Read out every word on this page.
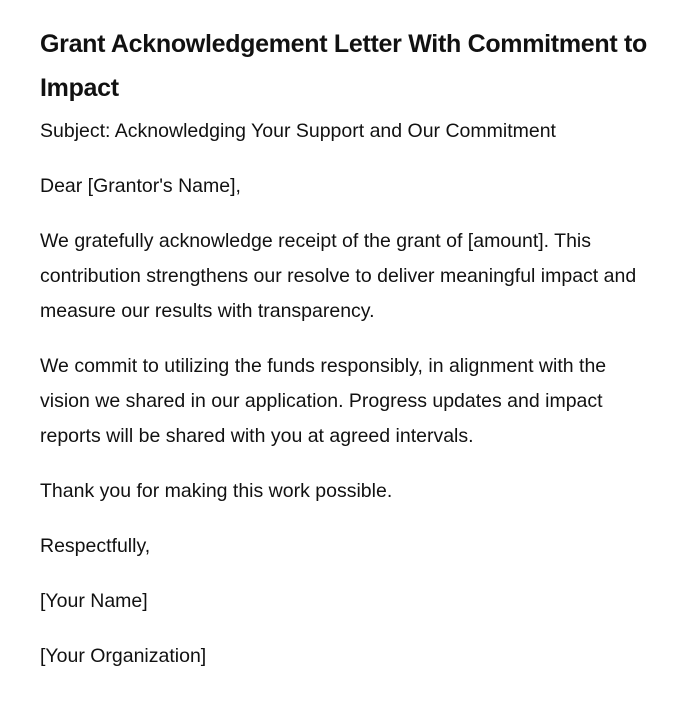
Grant Acknowledgement Letter With Commitment to Impact

Subject: Acknowledging Your Support and Our Commitment

Dear [Grantor's Name],

We gratefully acknowledge receipt of the grant of [amount]. This contribution strengthens our resolve to deliver meaningful impact and measure our results with transparency.

We commit to utilizing the funds responsibly, in alignment with the vision we shared in our application. Progress updates and impact reports will be shared with you at agreed intervals.

Thank you for making this work possible.

Respectfully,

[Your Name]

[Your Organization]
